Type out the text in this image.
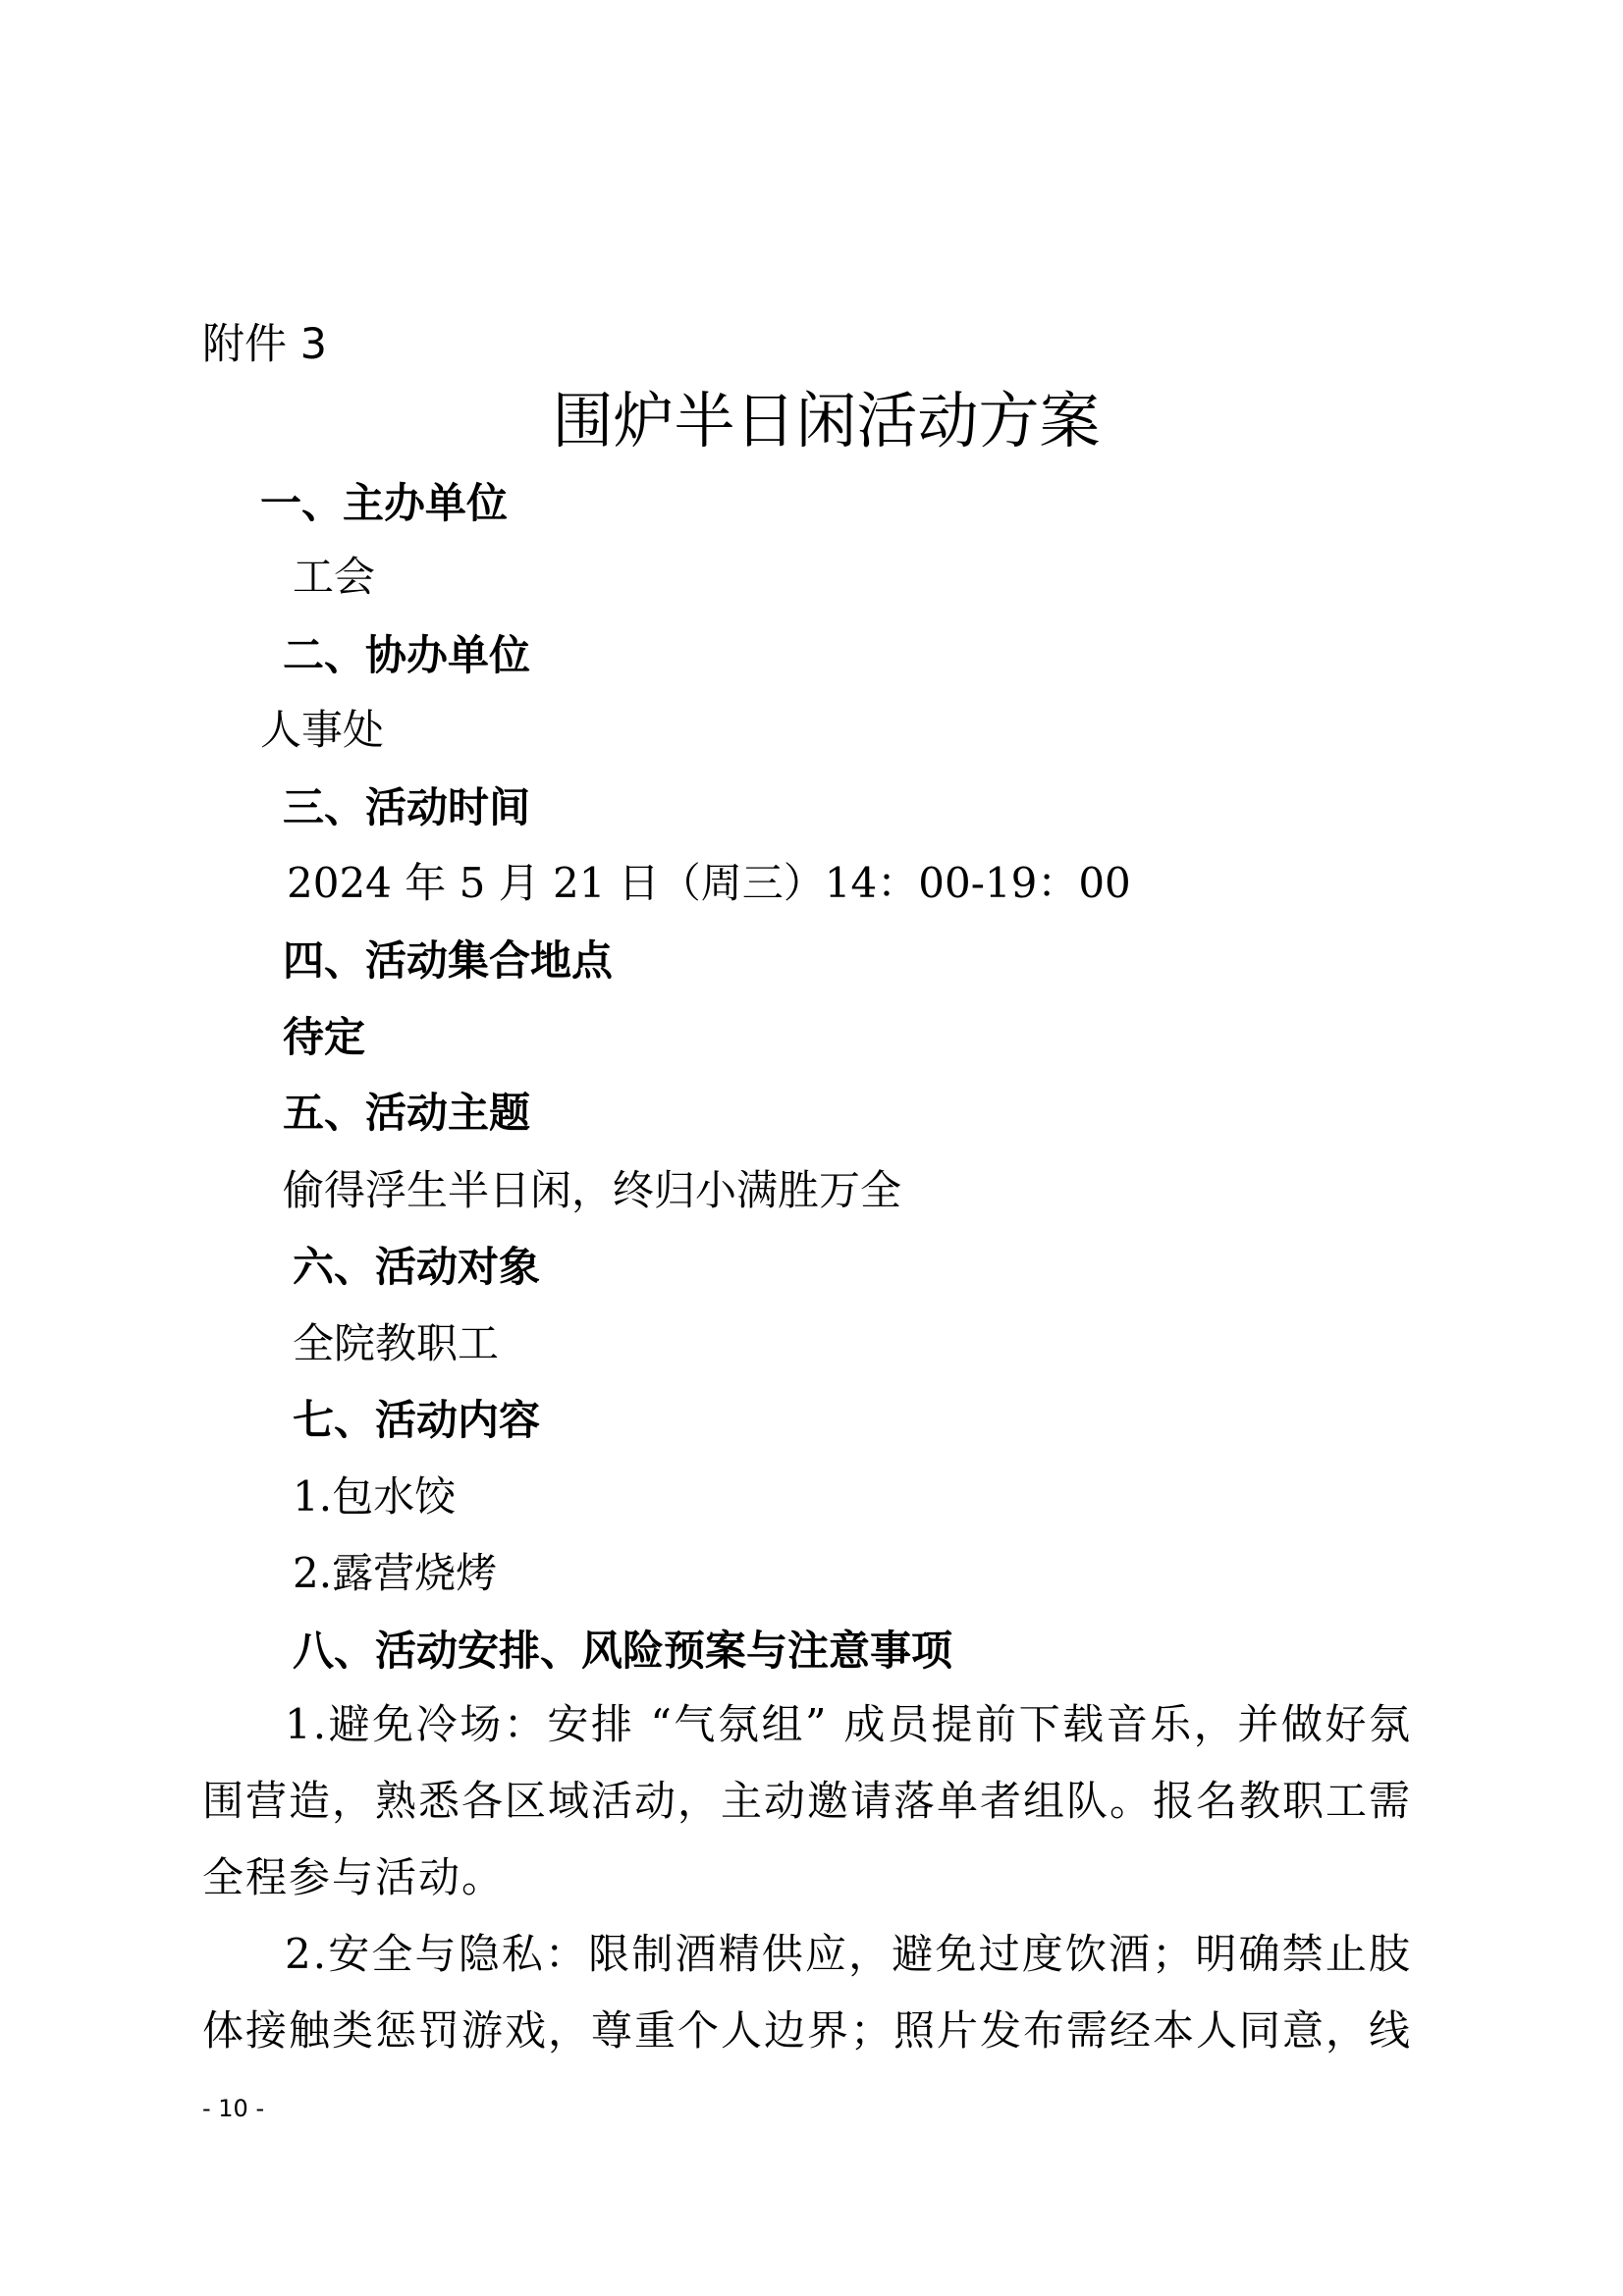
附件 3
围炉半日闲活动方案
一、主办单位
工会
二、协办单位
人事处
三、活动时间
2024 年 5 月 21 日（周三）14：00-19：00
四、活动集合地点
待定
五、活动主题
偷得浮生半日闲，终归小满胜万全
六、活动对象
全院教职工
七、活动内容
1.包水饺
2.露营烧烤
八、活动安排、风险预案与注意事项
1.避免冷场：安排 “气氛组” 成员提前下载音乐，并做好氛围营造，熟悉各区域活动，主动邀请落单者组队。报名教职工需全程参与活动。
2.安全与隐私：限制酒精供应，避免过度饮酒；明确禁止肢体接触类惩罚游戏，尊重个人边界；照片发布需经本人同意，线
- 10 -
